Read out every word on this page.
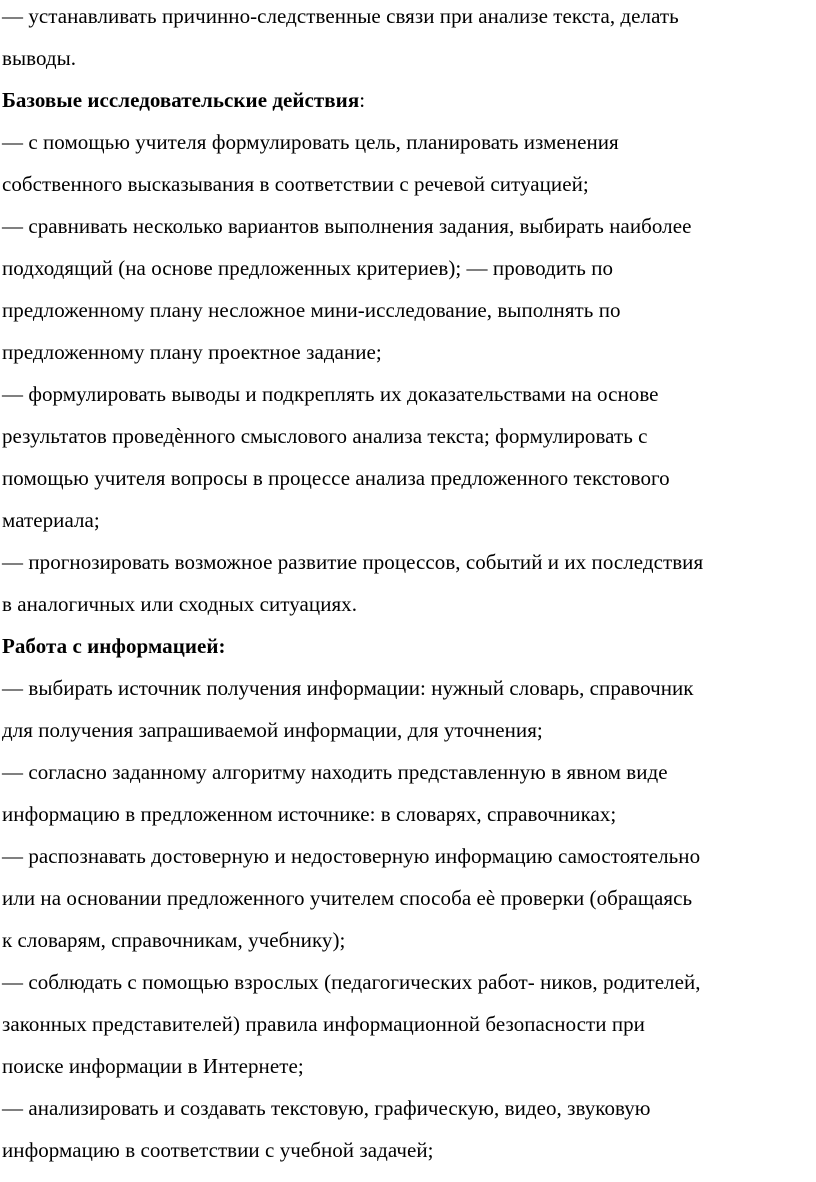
— устанавливать причинно-следственные связи при анализе текста, делать
выводы.
Базовые исследовательские действия:
— с помощью учителя формулировать цель, планировать изменения
собственного высказывания в соответствии с речевой ситуацией;
— сравнивать несколько вариантов выполнения задания, выбирать наиболее
подходящий (на основе предложенных критериев); — проводить по
предложенному плану несложное мини-исследование, выполнять по
предложенному плану проектное задание;
— формулировать выводы и подкреплять их доказательствами на основе
результатов проведѐнного смыслового анализа текста; формулировать с
помощью учителя вопросы в процессе анализа предложенного текстового
материала;
— прогнозировать возможное развитие процессов, событий и их последствия
в аналогичных или сходных ситуациях.
Работа с информацией:
— выбирать источник получения информации: нужный словарь, справочник
для получения запрашиваемой информации, для уточнения;
— согласно заданному алгоритму находить представленную в явном виде
информацию в предложенном источнике: в словарях, справочниках;
— распознавать достоверную и недостоверную информацию самостоятельно
или на основании предложенного учителем способа еѐ проверки (обращаясь
к словарям, справочникам, учебнику);
— соблюдать с помощью взрослых (педагогических работ- ников, родителей,
законных представителей) правила информационной безопасности при
поиске информации в Интернете;
— анализировать и создавать текстовую, графическую, видео, звуковую
информацию в соответствии с учебной задачей;
